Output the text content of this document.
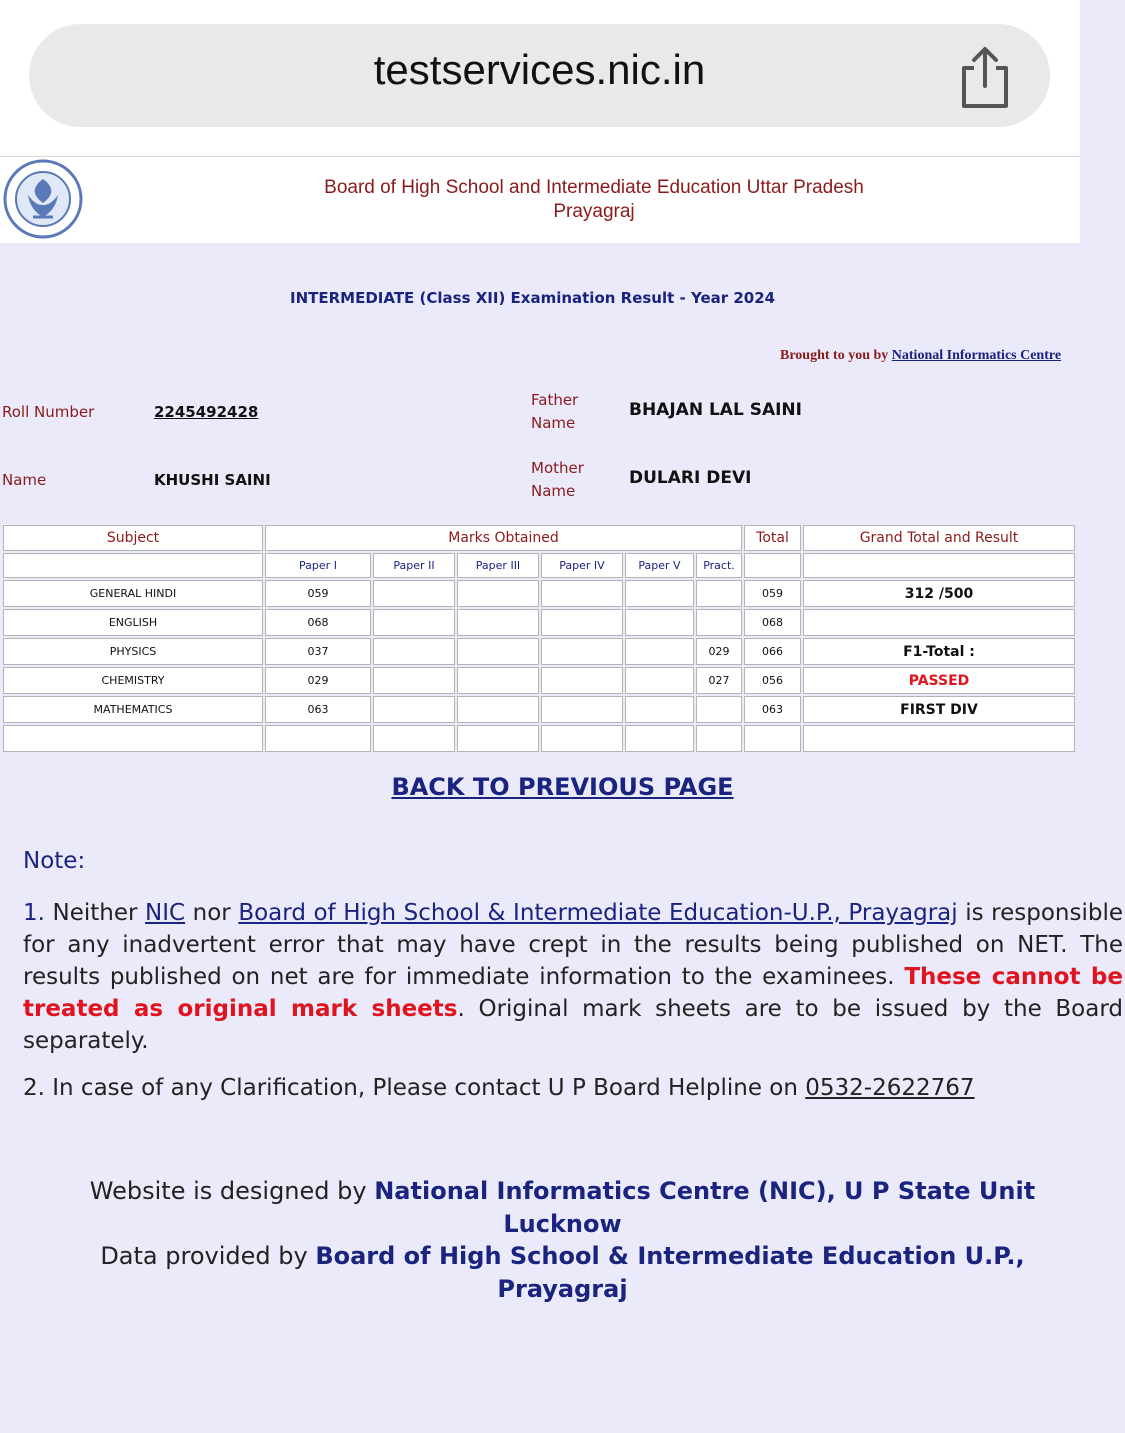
testservices.nic.in
Board of High School and Intermediate Education Uttar Pradesh
Prayagraj
INTERMEDIATE (Class XII) Examination Result - Year 2024
Brought to you by National Informatics Centre
Roll Number	2245492428
Father
Name
BHAJAN LAL SAINI
Name	KHUSHI SAINI
Mother
Name
DULARI DEVI
Subject	Marks Obtained						Total	Grand Total and Result
	Paper I	Paper II	Paper III	Paper IV	Paper V	Pract.		
GENERAL HINDI	059						059	312 /500
ENGLISH	068						068	
PHYSICS	037					029	066	F1-Total :
CHEMISTRY	029					027	056	PASSED
MATHEMATICS	063						063	FIRST DIV

BACK TO PREVIOUS PAGE
Note:
1. Neither NIC nor Board of High School & Intermediate Education-U.P., Prayagraj is responsible for any inadvertent error that may have crept in the results being published on NET. The results published on net are for immediate information to the examinees. These cannot be treated as original mark sheets. Original mark sheets are to be issued by the Board separately.
2. In case of any Clarification, Please contact U P Board Helpline on 0532-2622767
Website is designed by National Informatics Centre (NIC), U P State Unit Lucknow
Data provided by Board of High School & Intermediate Education U.P., Prayagraj
